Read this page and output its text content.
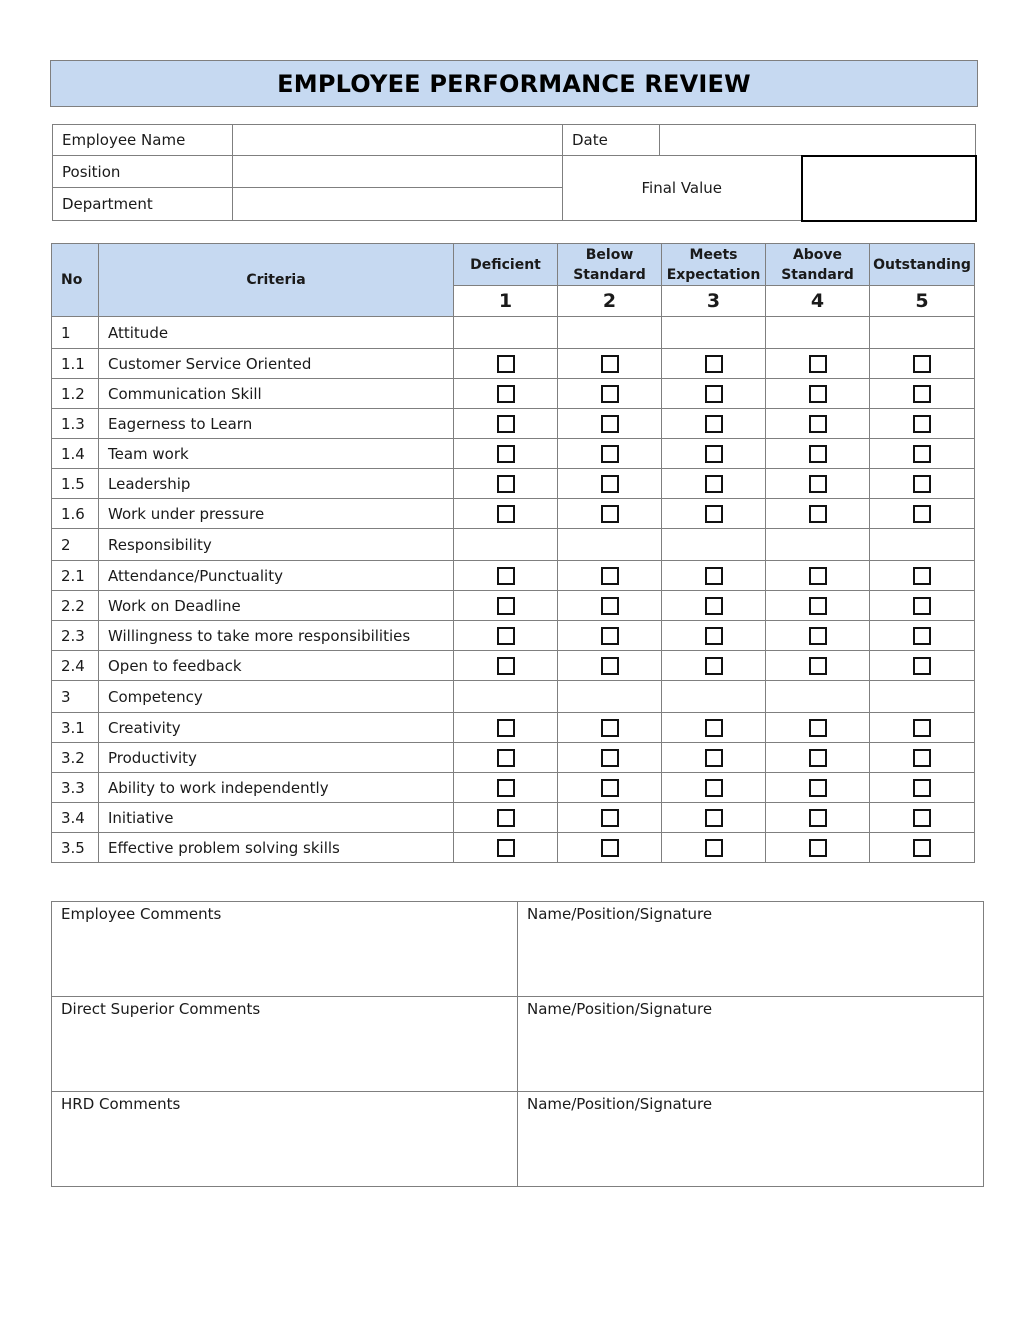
EMPLOYEE PERFORMANCE REVIEW
Employee Name		Date		
Position		Final Value		
Department				
No	Criteria	Deficient	Below Standard	Meets Expectation	Above Standard	Outstanding
		1	2	3	4	5
1	Attitude					
1.1	Customer Service Oriented					
1.2	Communication Skill					
1.3	Eagerness to Learn					
1.4	Team work					
1.5	Leadership					
1.6	Work under pressure					
2	Responsibility					
2.1	Attendance/Punctuality					
2.2	Work on Deadline					
2.3	Willingness to take more responsibilities					
2.4	Open to feedback					
3	Competency					
3.1	Creativity					
3.2	Productivity					
3.3	Ability to work independently					
3.4	Initiative					
3.5	Effective problem solving skills					
Employee Comments	Name/Position/Signature
Direct Superior Comments	Name/Position/Signature
HRD Comments	Name/Position/Signature
